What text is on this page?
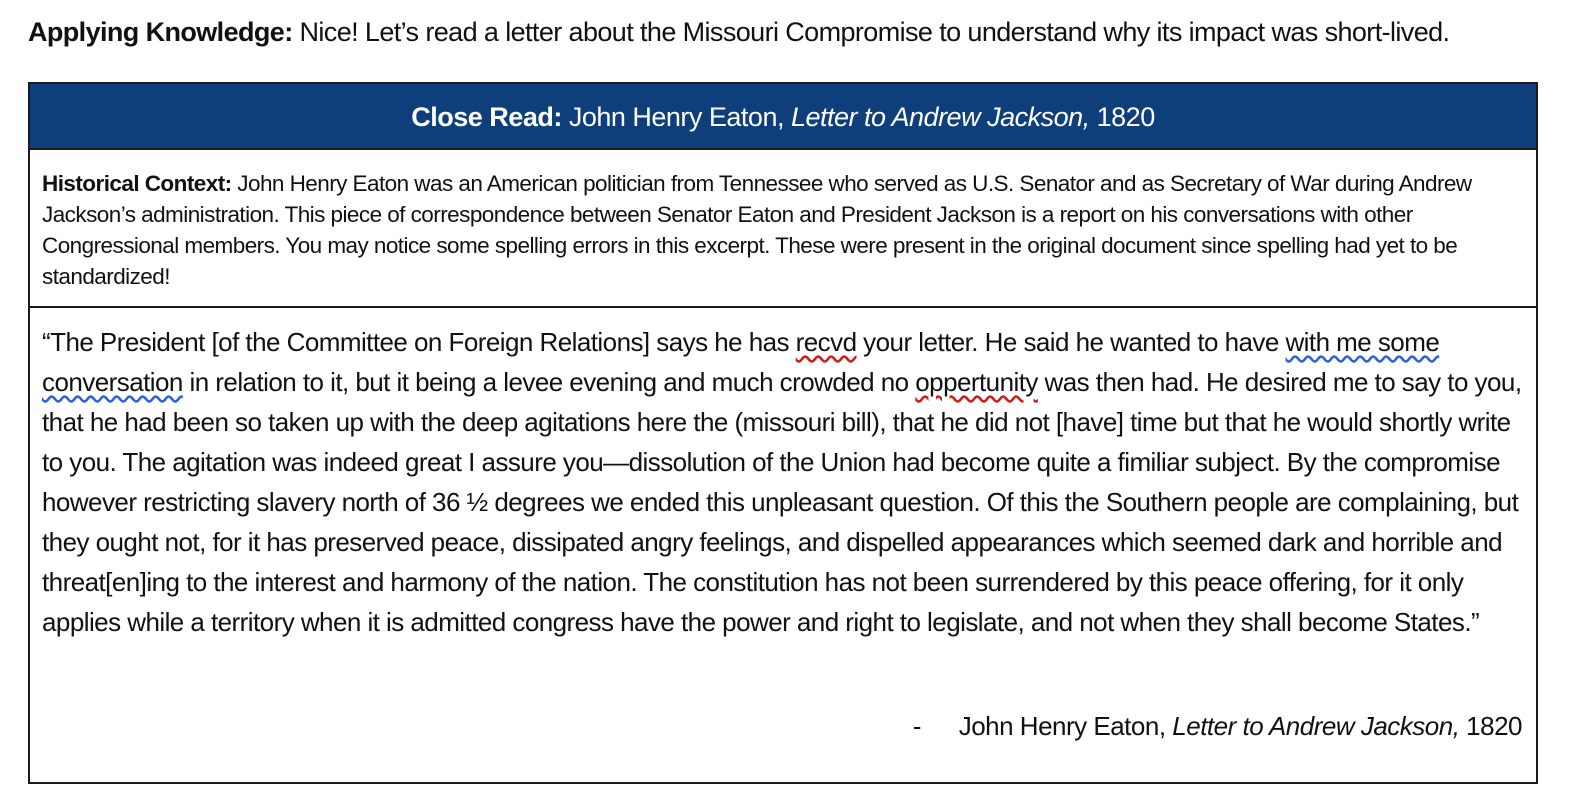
Applying Knowledge: Nice! Let’s read a letter about the Missouri Compromise to understand why its impact was short-lived.
Close Read: John Henry Eaton, Letter to Andrew Jackson, 1820
Historical Context: John Henry Eaton was an American politician from Tennessee who served as U.S. Senator and as Secretary of War during Andrew Jackson’s administration. This piece of correspondence between Senator Eaton and President Jackson is a report on his conversations with other Congressional members. You may notice some spelling errors in this excerpt. These were present in the original document since spelling had yet to be standardized!
“The President [of the Committee on Foreign Relations] says he has recvd your letter. He said he wanted to have with me some conversation in relation to it, but it being a levee evening and much crowded no oppertunity was then had. He desired me to say to you, that he had been so taken up with the deep agitations here the (missouri bill), that he did not [have] time but that he would shortly write to you. The agitation was indeed great I assure you—dissolution of the Union had become quite a fimiliar subject. By the compromise however restricting slavery north of 36 ½ degrees we ended this unpleasant question. Of this the Southern people are complaining, but they ought not, for it has preserved peace, dissipated angry feelings, and dispelled appearances which seemed dark and horrible and threat[en]ing to the interest and harmony of the nation. The constitution has not been surrendered by this peace offering, for it only applies while a territory when it is admitted congress have the power and right to legislate, and not when they shall become States.”
- John Henry Eaton, Letter to Andrew Jackson, 1820
